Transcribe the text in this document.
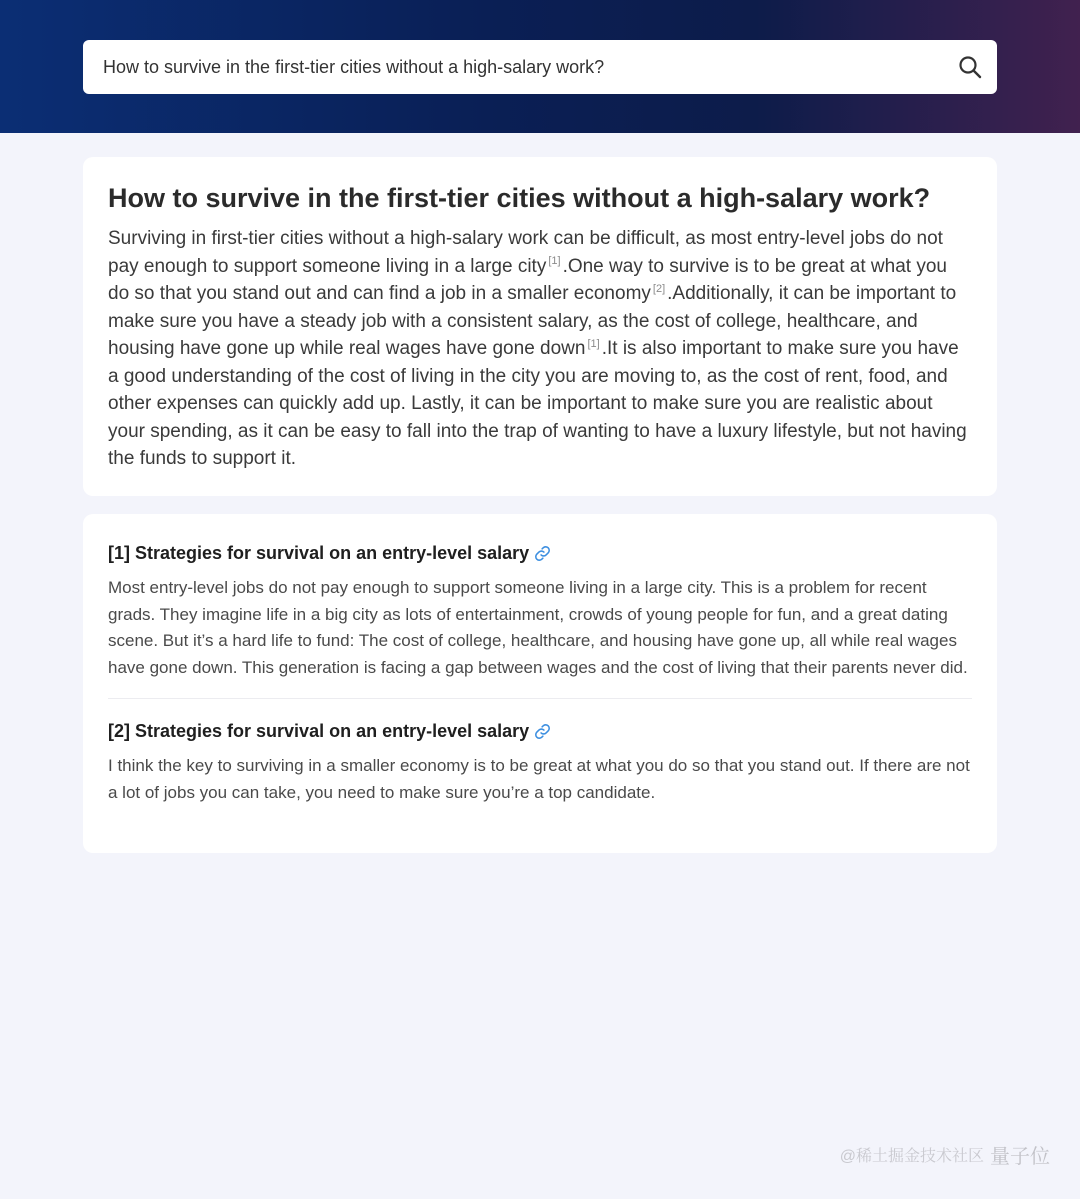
How to survive in the first-tier cities without a high-salary work?
How to survive in the first-tier cities without a high-salary work?

Surviving in first-tier cities without a high-salary work can be difficult, as most entry-level jobs do not pay enough to support someone living in a large city [1] .One way to survive is to be great at what you do so that you stand out and can find a job in a smaller economy [2] .Additionally, it can be important to make sure you have a steady job with a consistent salary, as the cost of college, healthcare, and housing have gone up while real wages have gone down [1] .It is also important to make sure you have a good understanding of the cost of living in the city you are moving to, as the cost of rent, food, and other expenses can quickly add up. Lastly, it can be important to make sure you are realistic about your spending, as it can be easy to fall into the trap of wanting to have a luxury lifestyle, but not having the funds to support it.

[1] Strategies for survival on an entry-level salary

Most entry-level jobs do not pay enough to support someone living in a large city. This is a problem for recent grads. They imagine life in a big city as lots of entertainment, crowds of young people for fun, and a great dating scene. But it’s a hard life to fund: The cost of college, healthcare, and housing have gone up, all while real wages have gone down. This generation is facing a gap between wages and the cost of living that their parents never did.

[2] Strategies for survival on an entry-level salary

I think the key to surviving in a smaller economy is to be great at what you do so that you stand out. If there are not a lot of jobs you can take, you need to make sure you’re a top candidate.

@稀土掘金技术社区 量子位
